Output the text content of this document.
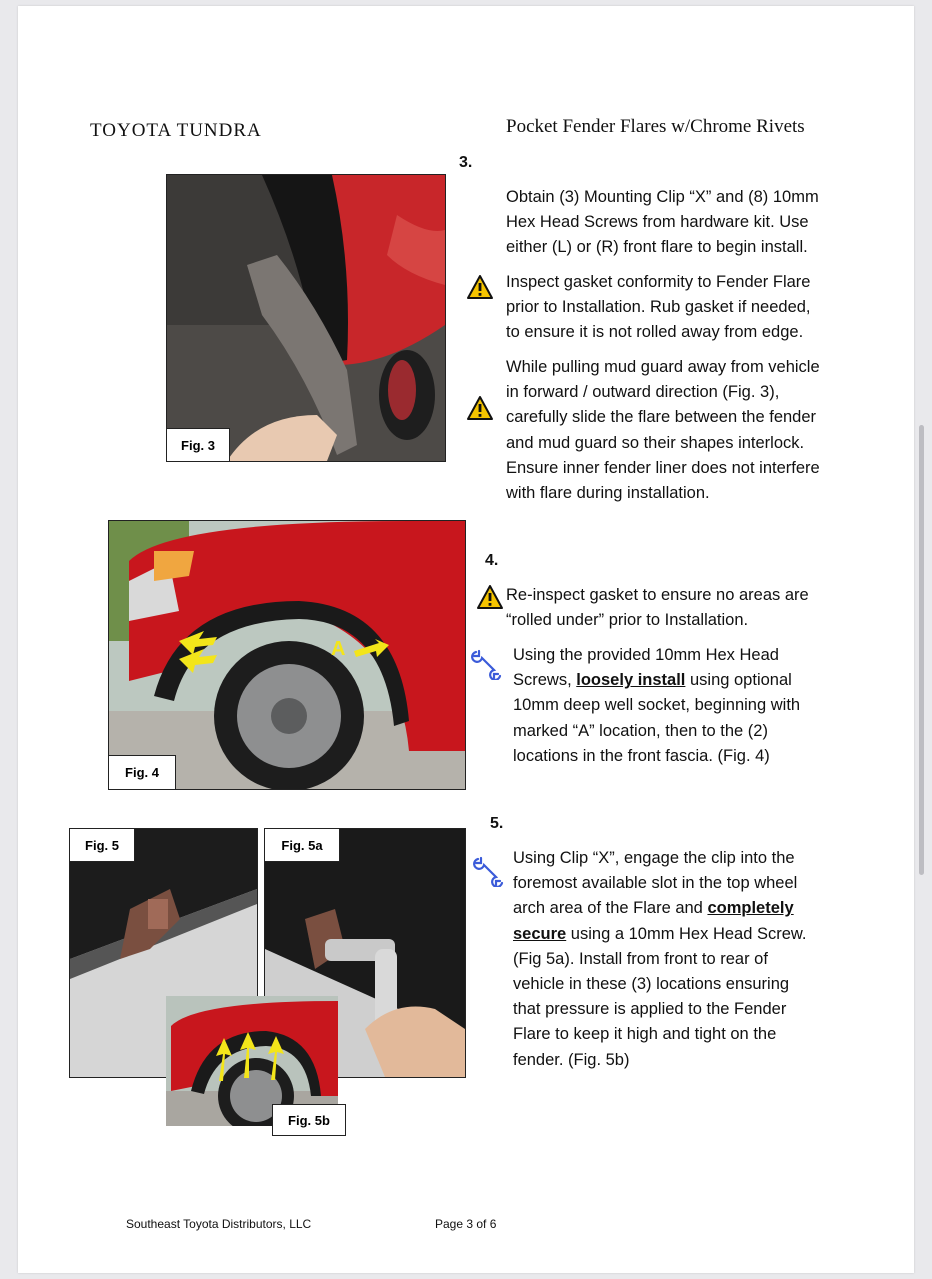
TOYOTA TUNDRA	Pocket Fender Flares w/Chrome Rivets
3.
Obtain (3) Mounting Clip “X” and (8) 10mm
Hex Head Screws from hardware kit. Use
either (L) or (R) front flare to begin install.
Inspect gasket conformity to Fender Flare
prior to Installation. Rub gasket if needed,
to ensure it is not rolled away from edge.
While pulling mud guard away from vehicle
in forward / outward direction (Fig. 3),
carefully slide the flare between the fender
and mud guard so their shapes interlock.
Ensure inner fender liner does not interfere
with flare during installation.
Fig. 3
4.
Re-inspect gasket to ensure no areas are
“rolled under” prior to Installation.
Using the provided 10mm Hex Head
Screws, loosely install using optional
10mm deep well socket, beginning with
marked “A” location, then to the (2)
locations in the front fascia. (Fig. 4)
A
Fig. 4
5.
Using Clip “X”, engage the clip into the
foremost available slot in the top wheel
arch area of the Flare and completely
secure using a 10mm Hex Head Screw.
(Fig 5a). Install from front to rear of
vehicle in these (3) locations ensuring
that pressure is applied to the Fender
Flare to keep it high and tight on the
fender. (Fig. 5b)
Fig. 5	Fig. 5a
Fig. 5b
Southeast Toyota Distributors, LLC	Page 3 of 6
